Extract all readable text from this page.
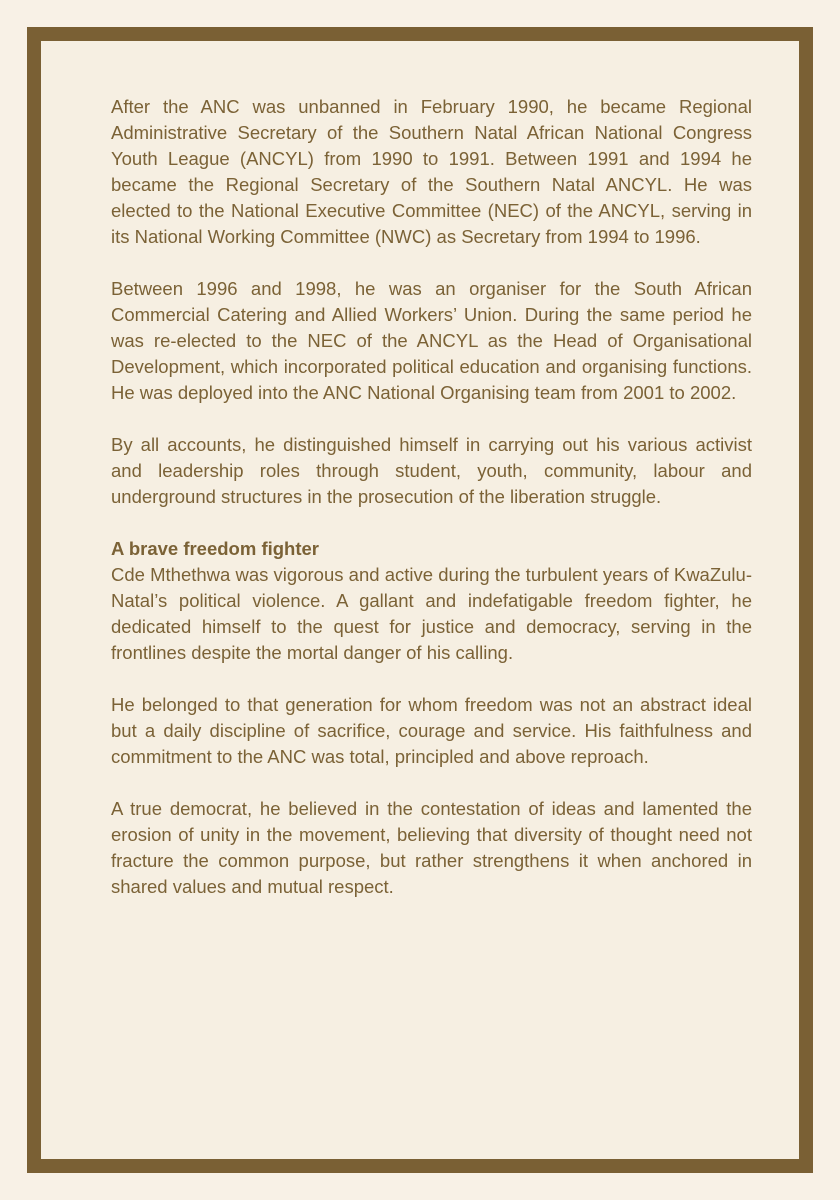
After the ANC was unbanned in February 1990, he became Regional Administrative Secretary of the Southern Natal African National Congress Youth League (ANCYL) from 1990 to 1991. Between 1991 and 1994 he became the Regional Secretary of the Southern Natal ANCYL. He was elected to the National Executive Committee (NEC) of the ANCYL, serving in its National Working Committee (NWC) as Secretary from 1994 to 1996.

Between 1996 and 1998, he was an organiser for the South African Commercial Catering and Allied Workers’ Union. During the same period he was re-elected to the NEC of the ANCYL as the Head of Organisational Development, which incorporated political education and organising functions. He was deployed into the ANC National Organising team from 2001 to 2002.

By all accounts, he distinguished himself in carrying out his various activist and leadership roles through student, youth, community, labour and underground structures in the prosecution of the liberation struggle.

A brave freedom fighter

Cde Mthethwa was vigorous and active during the turbulent years of KwaZulu-Natal’s political violence. A gallant and indefatigable freedom fighter, he dedicated himself to the quest for justice and democracy, serving in the frontlines despite the mortal danger of his calling.

He belonged to that generation for whom freedom was not an abstract ideal but a daily discipline of sacrifice, courage and service. His faithfulness and commitment to the ANC was total, principled and above reproach.

A true democrat, he believed in the contestation of ideas and lamented the erosion of unity in the movement, believing that diversity of thought need not fracture the common purpose, but rather strengthens it when anchored in shared values and mutual respect.
